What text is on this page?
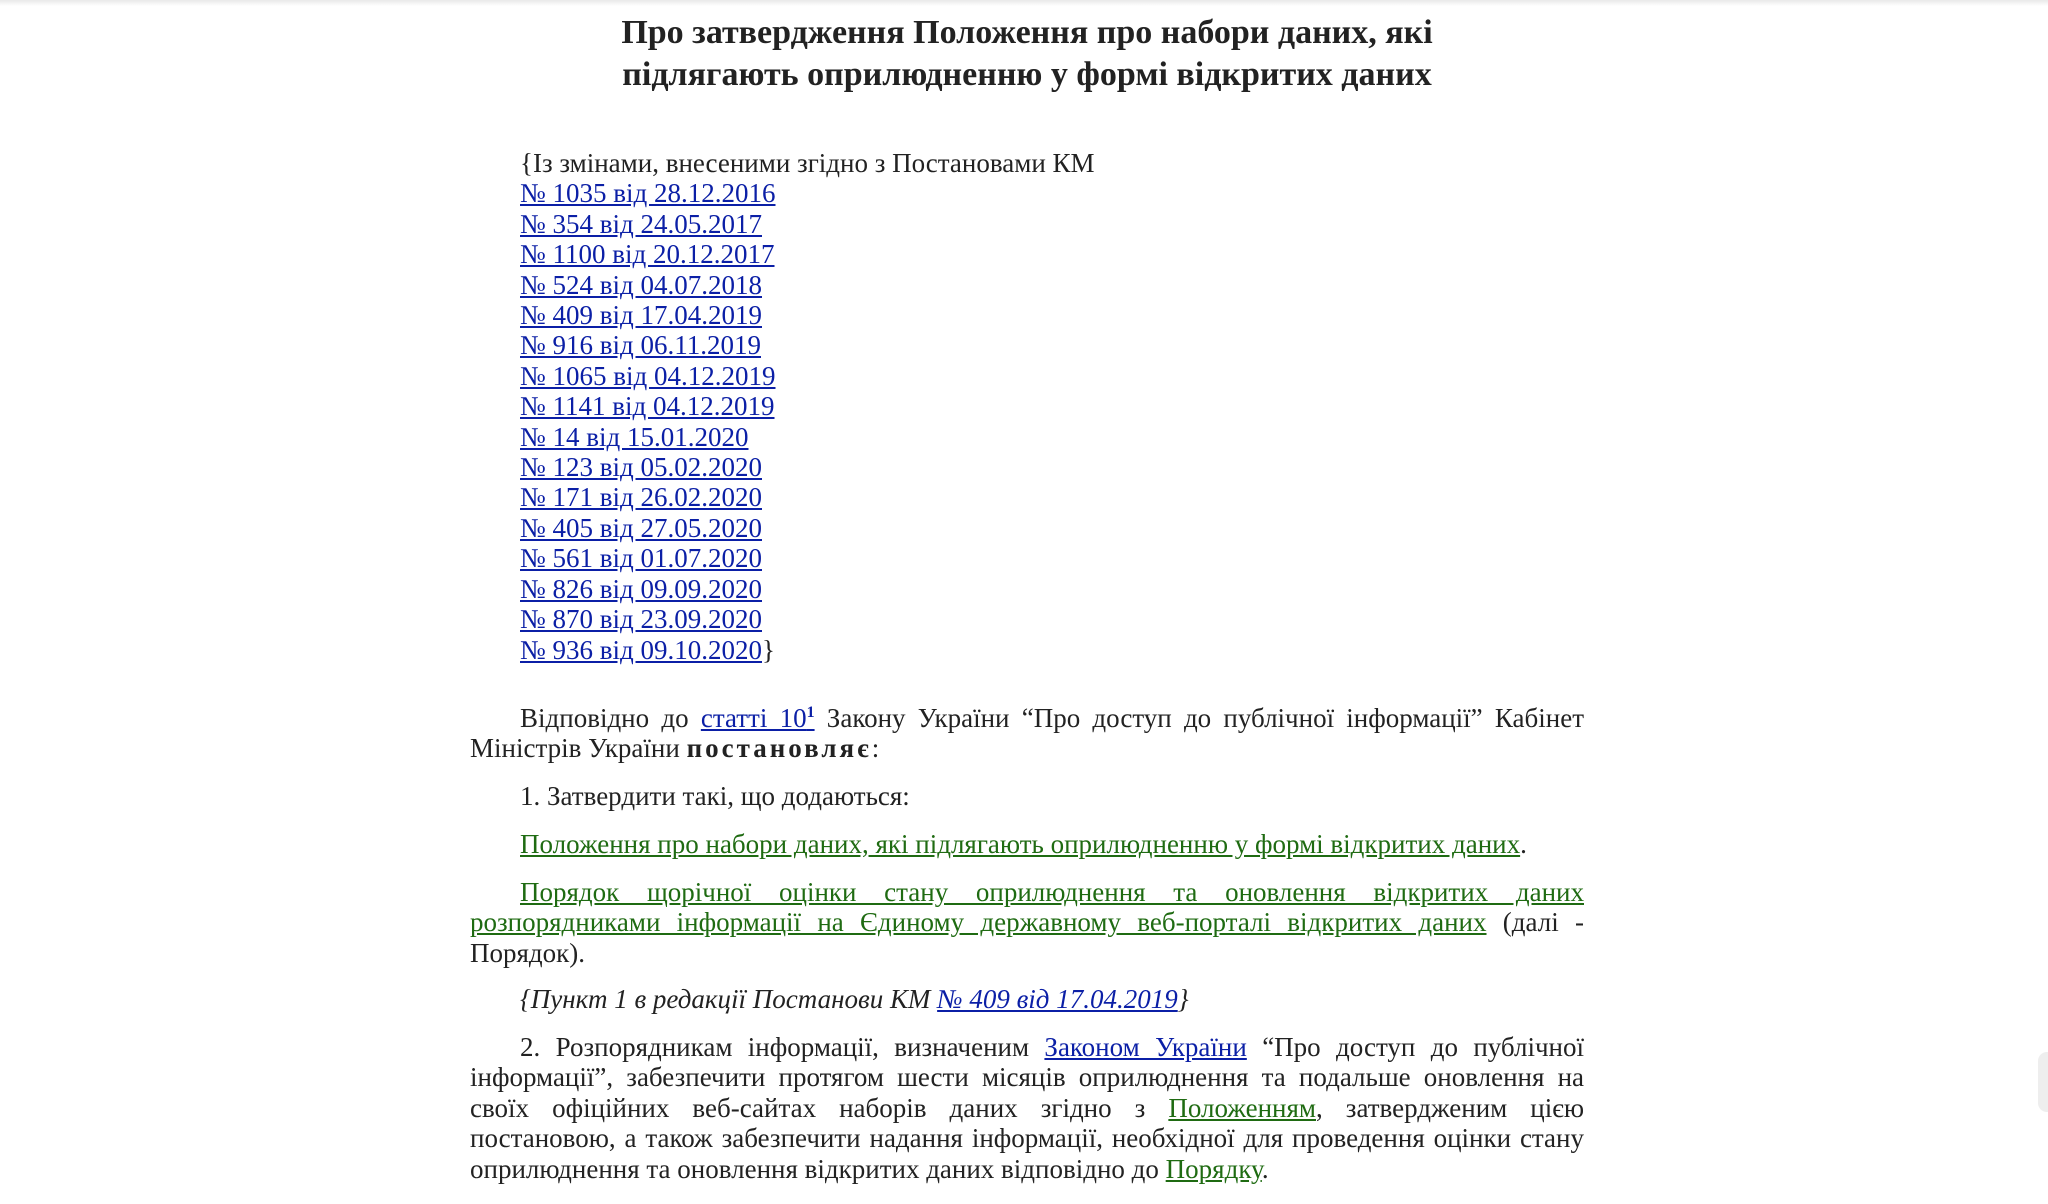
Про затвердження Положення про набори даних, які
підлягають оприлюдненню у формі відкритих даних
{Із змінами, внесеними згідно з Постановами КМ
№ 1035 від 28.12.2016
№ 354 від 24.05.2017
№ 1100 від 20.12.2017
№ 524 від 04.07.2018
№ 409 від 17.04.2019
№ 916 від 06.11.2019
№ 1065 від 04.12.2019
№ 1141 від 04.12.2019
№ 14 від 15.01.2020
№ 123 від 05.02.2020
№ 171 від 26.02.2020
№ 405 від 27.05.2020
№ 561 від 01.07.2020
№ 826 від 09.09.2020
№ 870 від 23.09.2020
№ 936 від 09.10.2020}
Відповідно до статті 10$^1$ Закону України “Про доступ до публічної інформації” Кабінет Міністрів України постановляє:
1. Затвердити такі, що додаються:
Положення про набори даних, які підлягають оприлюдненню у формі відкритих даних.
Порядок щорічної оцінки стану оприлюднення та оновлення відкритих даних розпорядниками інформації на Єдиному державному веб-порталі відкритих даних (далі - Порядок).
{Пункт 1 в редакції Постанови КМ № 409 від 17.04.2019}
2. Розпорядникам інформації, визначеним Законом України “Про доступ до публічної інформації”, забезпечити протягом шести місяців оприлюднення та подальше оновлення на своїх офіційних веб-сайтах наборів даних згідно з Положенням, затвердженим цією постановою, а також забезпечити надання інформації, необхідної для проведення оцінки стану оприлюднення та оновлення відкритих даних відповідно до Порядку.
